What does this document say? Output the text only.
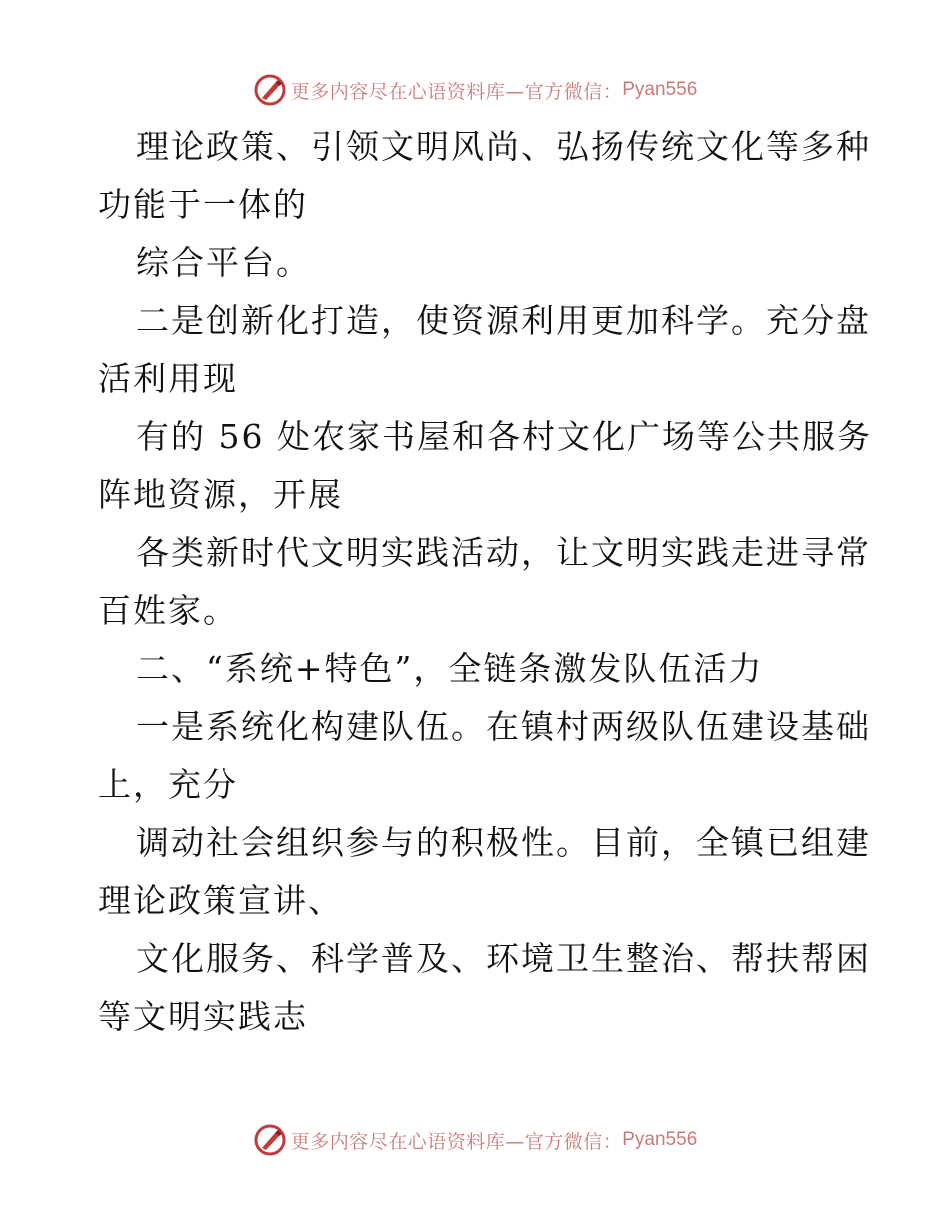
更多内容尽在心语资料库—官方微信： Pyan556
理论政策、引领文明风尚、弘扬传统文化等多种
功能于一体的
综合平台。
二是创新化打造，使资源利用更加科学。充分盘
活利用现
有的 56 处农家书屋和各村文化广场等公共服务
阵地资源，开展
各类新时代文明实践活动，让文明实践走进寻常
百姓家。
二、“系统+特色”，全链条激发队伍活力
一是系统化构建队伍。在镇村两级队伍建设基础
上，充分
调动社会组织参与的积极性。目前，全镇已组建
理论政策宣讲、
文化服务、科学普及、环境卫生整治、帮扶帮困
等文明实践志
更多内容尽在心语资料库—官方微信： Pyan556
